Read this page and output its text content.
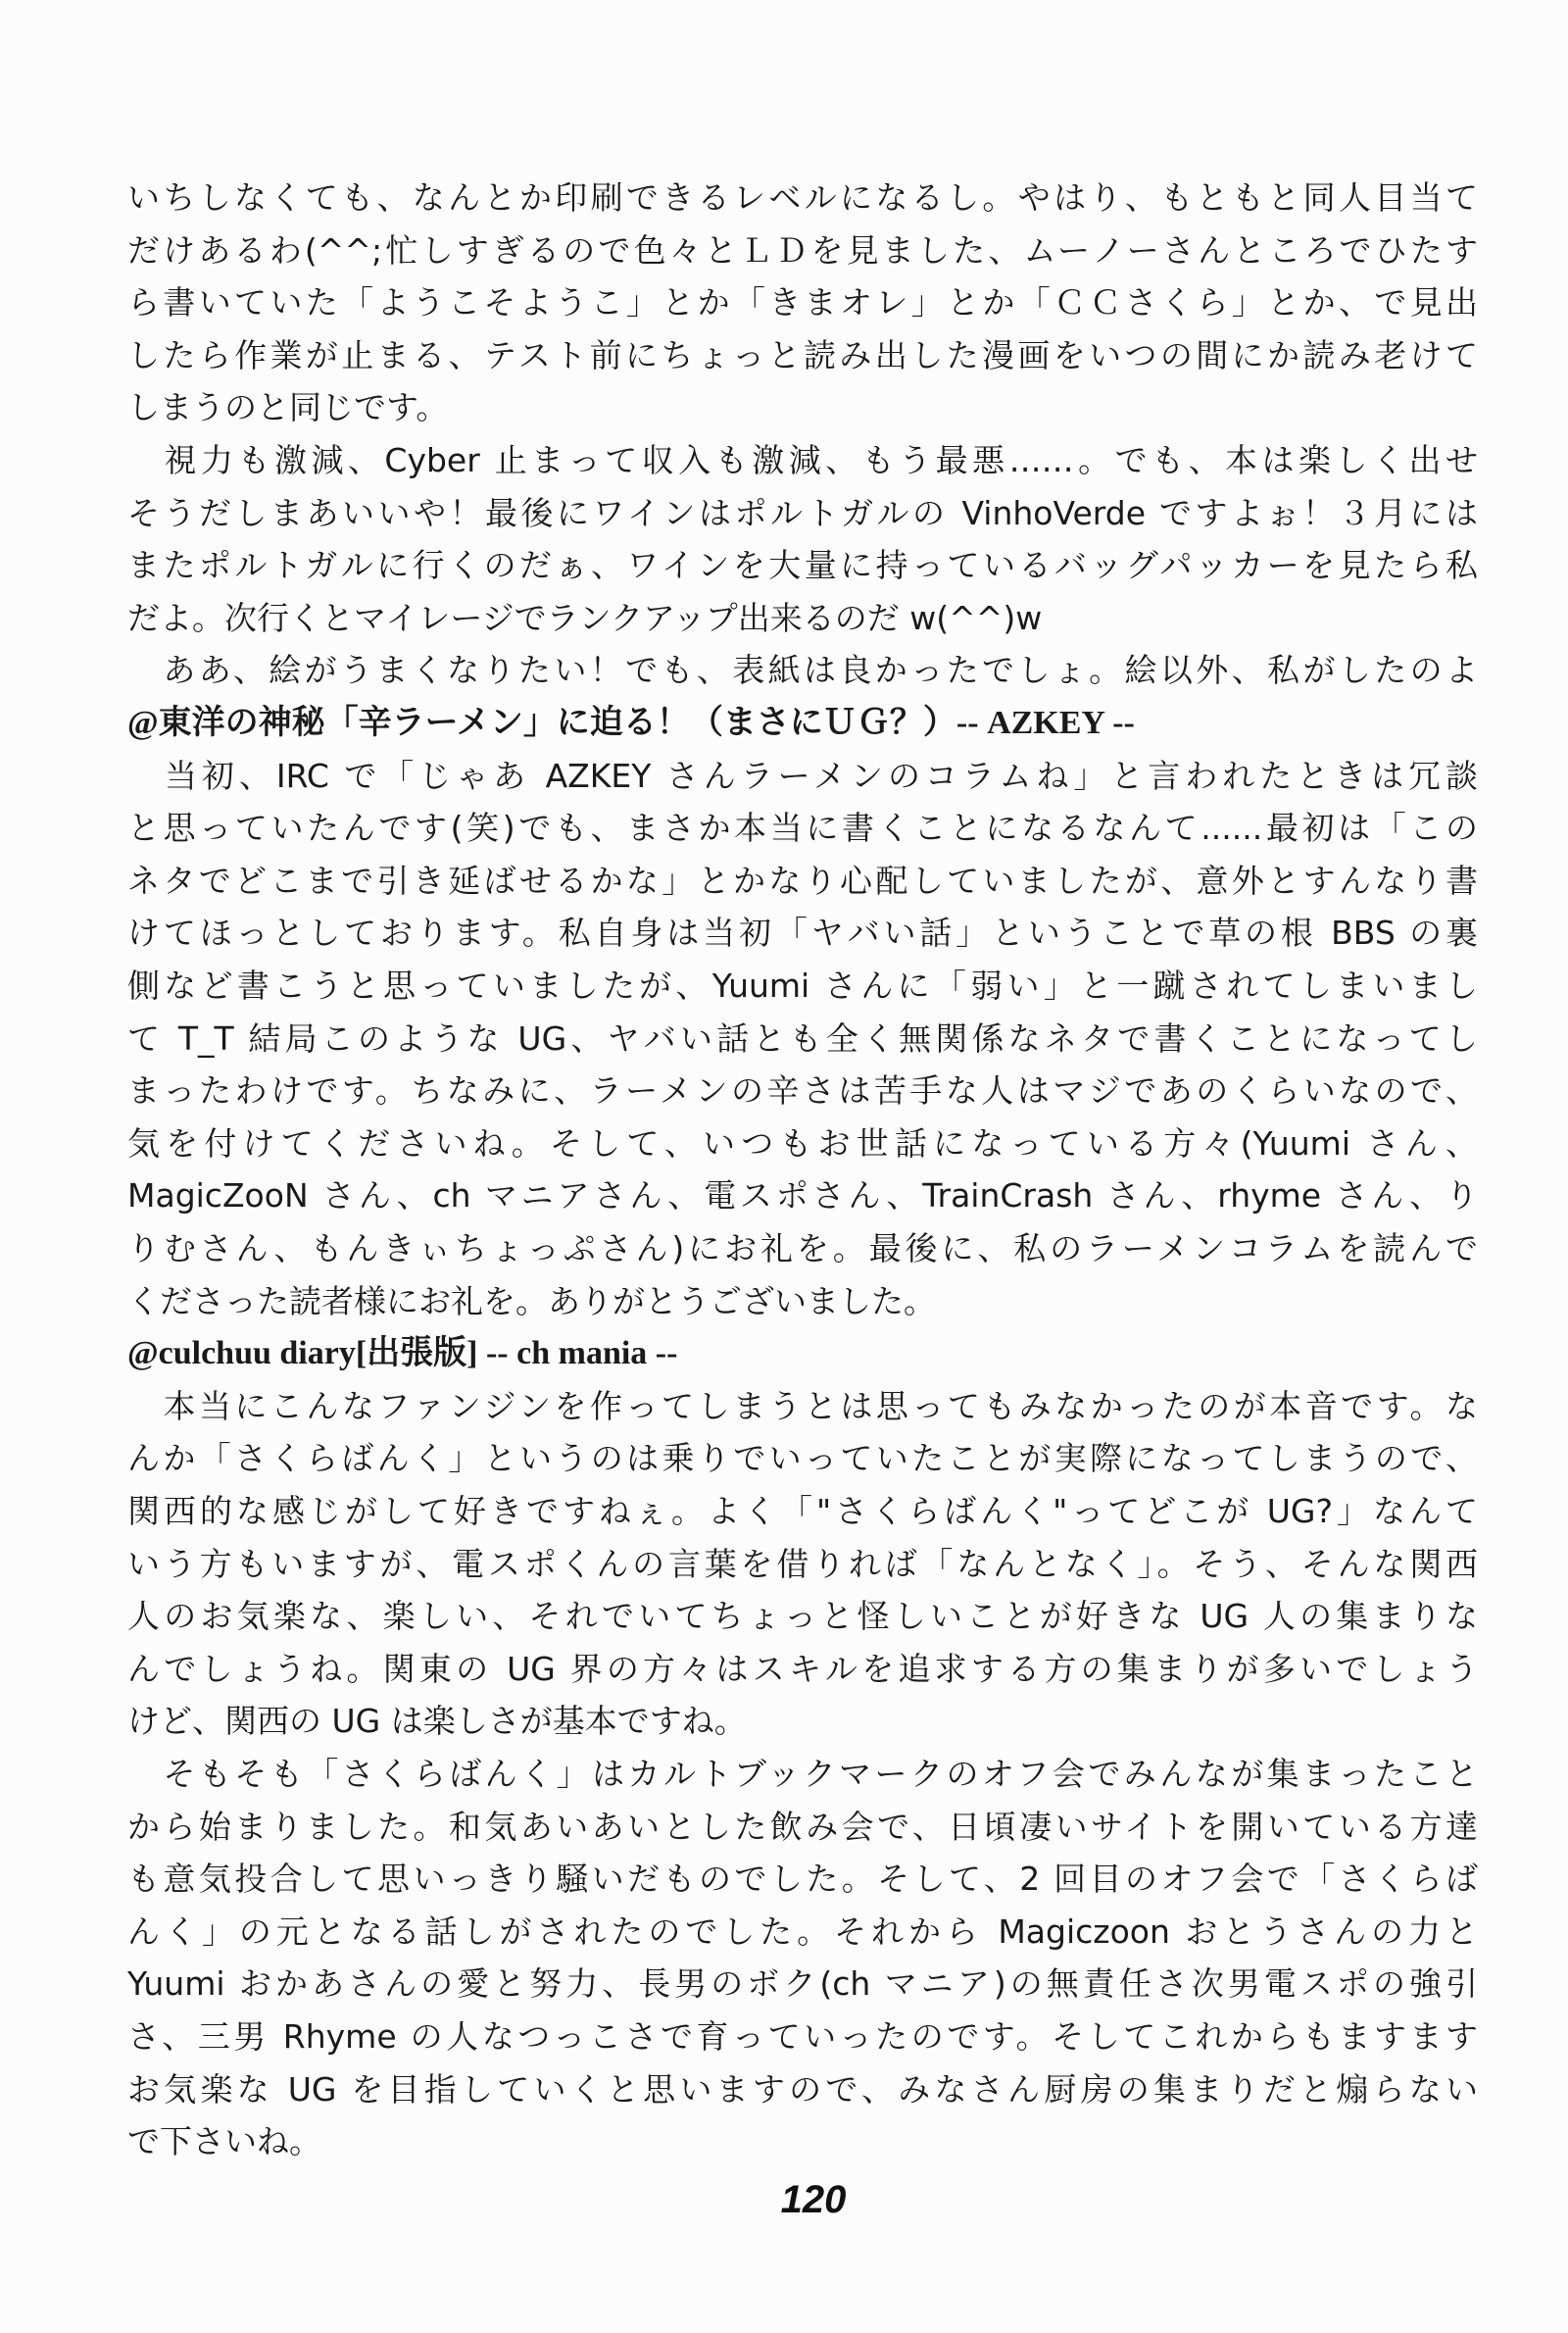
いちしなくても、なんとか印刷できるレベルになるし。やはり、もともと同人目当て
だけあるわ(^^;忙しすぎるので色々とＬＤを見ました、ムーノーさんところでひたす
ら書いていた「ようこそようこ」とか「きまオレ」とか「ＣＣさくら」とか、で見出
したら作業が止まる、テスト前にちょっと読み出した漫画をいつの間にか読み老けて
しまうのと同じです。
　視力も激減、Cyber 止まって収入も激減、もう最悪……。でも、本は楽しく出せ
そうだしまあいいや！最後にワインはポルトガルの VinhoVerde ですよぉ！３月には
またポルトガルに行くのだぁ、ワインを大量に持っているバッグパッカーを見たら私
だよ。次行くとマイレージでランクアップ出来るのだ w(^^)w
　ああ、絵がうまくなりたい！でも、表紙は良かったでしょ。絵以外、私がしたのよ
@東洋の神秘「辛ラーメン」に迫る！（まさにＵＧ？）-- AZKEY --
　当初、IRC で「じゃあ AZKEY さんラーメンのコラムね」と言われたときは冗談
と思っていたんです(笑)でも、まさか本当に書くことになるなんて......最初は「この
ネタでどこまで引き延ばせるかな」とかなり心配していましたが、意外とすんなり書
けてほっとしております。私自身は当初「ヤバい話」ということで草の根 BBS の裏
側など書こうと思っていましたが、Yuumi さんに「弱い」と一蹴されてしまいまし
て T_T 結局このような UG、ヤバい話とも全く無関係なネタで書くことになってし
まったわけです。ちなみに、ラーメンの辛さは苦手な人はマジであのくらいなので、
気を付けてくださいね。そして、いつもお世話になっている方々(Yuumi さん、
MagicZooN さん、ch マニアさん、電スポさん、TrainCrash さん、rhyme さん、り
りむさん、もんきぃちょっぷさん)にお礼を。最後に、私のラーメンコラムを読んで
くださった読者様にお礼を。ありがとうございました。
@culchuu diary[出張版] -- ch mania --
　本当にこんなファンジンを作ってしまうとは思ってもみなかったのが本音です。な
んか「さくらばんく」というのは乗りでいっていたことが実際になってしまうので、
関西的な感じがして好きですねぇ。よく「"さくらばんく"ってどこが UG?」なんて
いう方もいますが、電スポくんの言葉を借りれば「なんとなく」。そう、そんな関西
人のお気楽な、楽しい、それでいてちょっと怪しいことが好きな UG 人の集まりな
んでしょうね。関東の UG 界の方々はスキルを追求する方の集まりが多いでしょう
けど、関西の UG は楽しさが基本ですね。
　そもそも「さくらばんく」はカルトブックマークのオフ会でみんなが集まったこと
から始まりました。和気あいあいとした飲み会で、日頃凄いサイトを開いている方達
も意気投合して思いっきり騒いだものでした。そして、2 回目のオフ会で「さくらば
んく」の元となる話しがされたのでした。それから Magiczoon おとうさんの力と
Yuumi おかあさんの愛と努力、長男のボク(ch マニア)の無責任さ次男電スポの強引
さ、三男 Rhyme の人なつっこさで育っていったのです。そしてこれからもますます
お気楽な UG を目指していくと思いますので、みなさん厨房の集まりだと煽らない
で下さいね。
120
